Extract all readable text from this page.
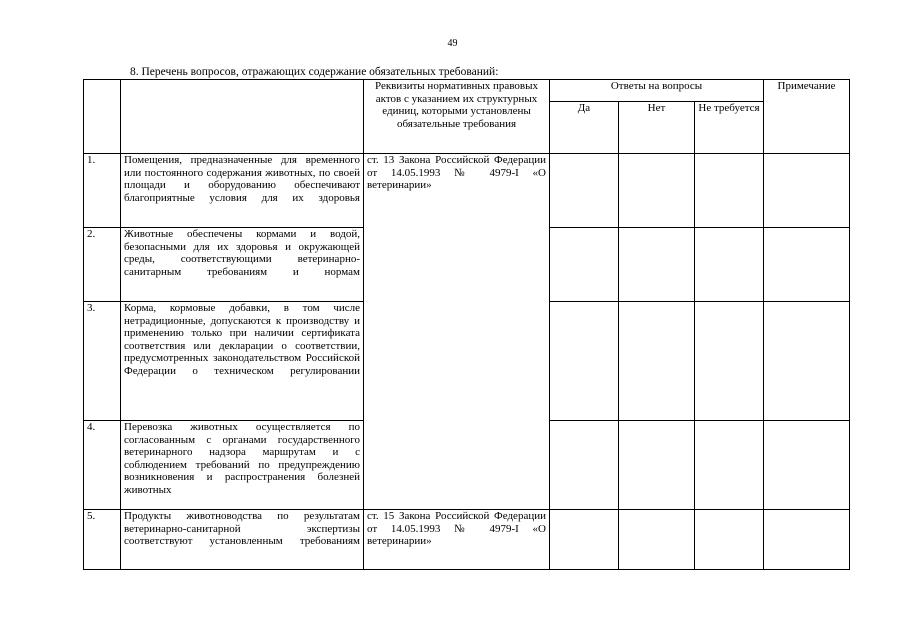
49
8. Перечень вопросов, отражающих содержание обязательных требований:
		Реквизиты нормативных правовых актов с указанием их структурных единиц, которыми установлены обязательные требования	Ответы на вопросы			Примечание
			Да	Нет	Не требуется	
1.	Помещения, предназначенные для временного или постоянного содержания животных, по своей площади и оборудованию обеспечивают благоприятные условия для их здоровья	ст. 13 Закона Российской Федерации от 14.05.1993 № 4979-I «О ветеринарии»				
2.	Животные обеспечены кормами и водой, безопасными для их здоровья и окружающей среды, соответствующими ветеринарно-санитарным требованиям и нормам					
3.	Корма, кормовые добавки, в том числе нетрадиционные, допускаются к производству и применению только при наличии сертификата соответствия или декларации о соответствии, предусмотренных законодательством Российской Федерации о техническом регулировании					
4.	Перевозка животных осуществляется по согласованным с органами государственного ветеринарного надзора маршрутам и с соблюдением требований по предупреждению возникновения и распространения болезней животных					
5.	Продукты животноводства по результатам ветеринарно-санитарной экспертизы соответствуют установленным требованиям	ст. 15 Закона Российской Федерации от 14.05.1993 № 4979-I «О ветеринарии»				
